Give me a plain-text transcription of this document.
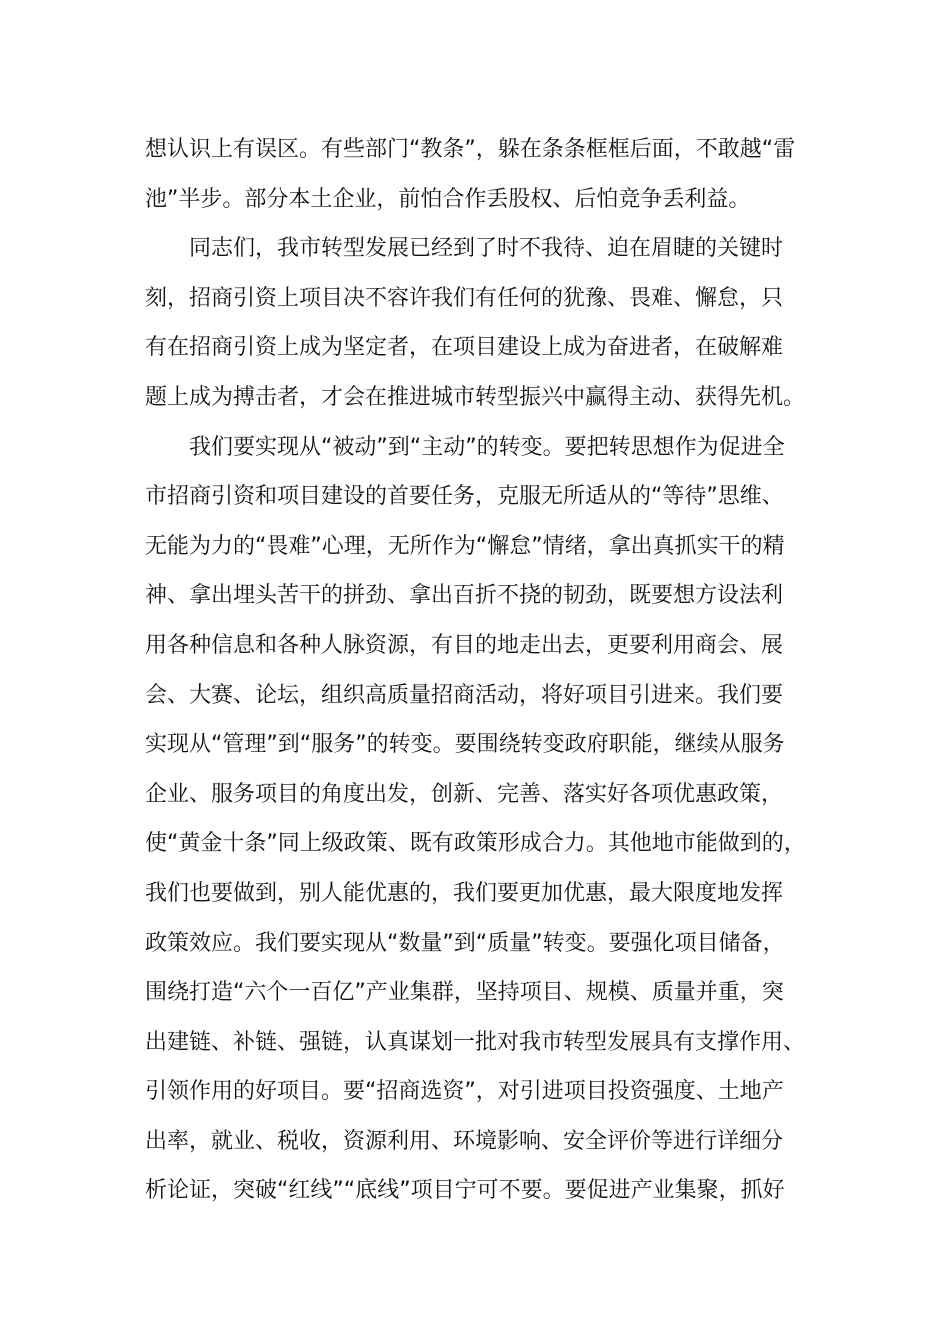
想认识上有误区。有些部门“教条”，躲在条条框框后面，不敢越“雷
池”半步。部分本土企业，前怕合作丢股权、后怕竞争丢利益。
同志们，我市转型发展已经到了时不我待、迫在眉睫的关键时
刻，招商引资上项目决不容许我们有任何的犹豫、畏难、懈怠，只
有在招商引资上成为坚定者，在项目建设上成为奋进者，在破解难
题上成为搏击者，才会在推进城市转型振兴中赢得主动、获得先机。
我们要实现从“被动”到“主动”的转变。要把转思想作为促进全
市招商引资和项目建设的首要任务，克服无所适从的“等待”思维、
无能为力的“畏难”心理，无所作为“懈怠”情绪，拿出真抓实干的精
神、拿出埋头苦干的拼劲、拿出百折不挠的韧劲，既要想方设法利
用各种信息和各种人脉资源，有目的地走出去，更要利用商会、展
会、大赛、论坛，组织高质量招商活动，将好项目引进来。我们要
实现从“管理”到“服务”的转变。要围绕转变政府职能，继续从服务
企业、服务项目的角度出发，创新、完善、落实好各项优惠政策，
使“黄金十条”同上级政策、既有政策形成合力。其他地市能做到的，
我们也要做到，别人能优惠的，我们要更加优惠，最大限度地发挥
政策效应。我们要实现从“数量”到“质量”转变。要强化项目储备，
围绕打造“六个一百亿”产业集群，坚持项目、规模、质量并重，突
出建链、补链、强链，认真谋划一批对我市转型发展具有支撑作用、
引领作用的好项目。要“招商选资”，对引进项目投资强度、土地产
出率，就业、税收，资源利用、环境影响、安全评价等进行详细分
析论证，突破“红线”“底线”项目宁可不要。要促进产业集聚，抓好
